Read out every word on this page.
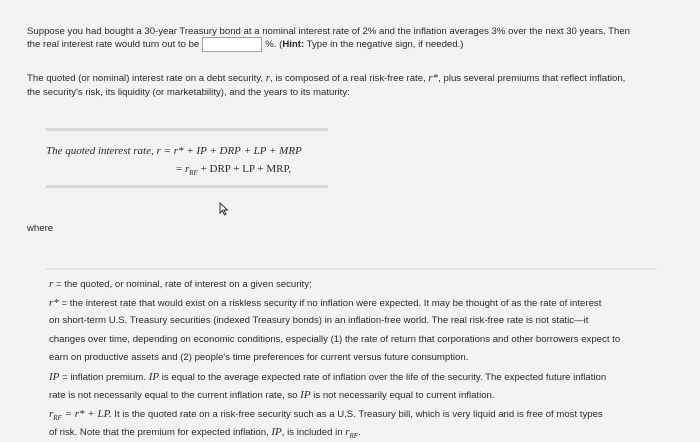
Suppose you had bought a 30-year Treasury bond at a nominal interest rate of 2% and the inflation averages 3% over the next 30 years. Then
the real interest rate would turn out to be	%. (Hint: Type in the negative sign, if needed.)
The quoted (or nominal) interest rate on a debt security, r, is composed of a real risk-free rate, r*, plus several premiums that reflect inflation,
the security's risk, its liquidity (or marketability), and the years to its maturity:
The quoted interest rate, r = r* + IP + DRP + LP + MRP
= $r_{RF}$ + DRP + LP + MRP,
where
r = the quoted, or nominal, rate of interest on a given security;
r* = the interest rate that would exist on a riskless security if no inflation were expected. It may be thought of as the rate of interest
on short-term U.S. Treasury securities (indexed Treasury bonds) in an inflation-free world. The real risk-free rate is not static—it
changes over time, depending on economic conditions, especially (1) the rate of return that corporations and other borrowers expect to
earn on productive assets and (2) people's time preferences for current versus future consumption.
IP = inflation premium. IP is equal to the average expected rate of inflation over the life of the security. The expected future inflation
rate is not necessarily equal to the current inflation rate, so IP is not necessarily equal to current inflation.
$r_{RF} = r*$ + LP. It is the quoted rate on a risk-free security such as a U.S. Treasury bill, which is very liquid and is free of most types
of risk. Note that the premium for expected inflation, IP, is included in $r_{RF}$.
